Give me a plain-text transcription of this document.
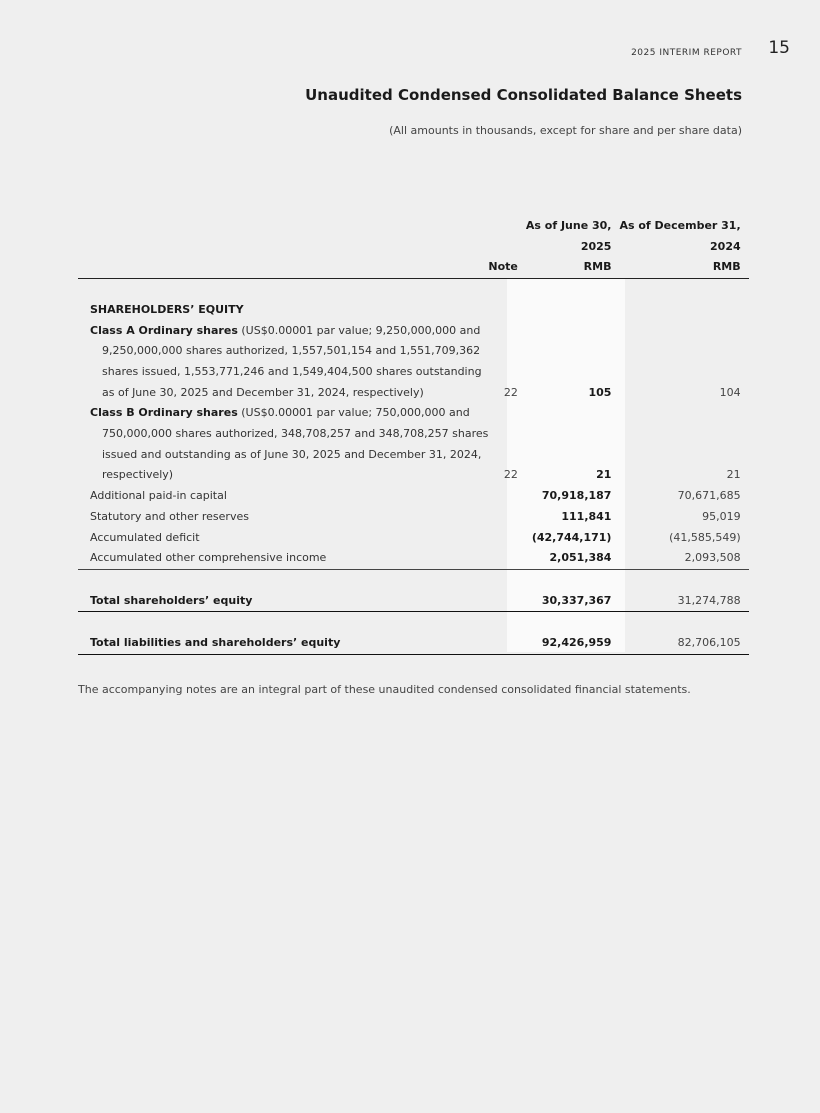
2025 INTERIM REPORT 15
Unaudited Condensed Consolidated Balance Sheets
(All amounts in thousands, except for share and per share data)
		As of June 30,	As of December 31,
		2025	2024
	Note	RMB	RMB

SHAREHOLDERS’ EQUITY			
Class A Ordinary shares (US$0.00001 par value; 9,250,000,000 and			
9,250,000,000 shares authorized, 1,557,501,154 and 1,551,709,362			
shares issued, 1,553,771,246 and 1,549,404,500 shares outstanding			
as of June 30, 2025 and December 31, 2024, respectively)	22	105	104
Class B Ordinary shares (US$0.00001 par value; 750,000,000 and			
750,000,000 shares authorized, 348,708,257 and 348,708,257 shares			
issued and outstanding as of June 30, 2025 and December 31, 2024,			
respectively)	22	21	21
Additional paid-in capital		70,918,187	70,671,685
Statutory and other reserves		111,841	95,019
Accumulated deficit		(42,744,171)	(41,585,549)
Accumulated other comprehensive income		2,051,384	2,093,508

Total shareholders’ equity		30,337,367	31,274,788

Total liabilities and shareholders’ equity		92,426,959	82,706,105
The accompanying notes are an integral part of these unaudited condensed consolidated financial statements.
